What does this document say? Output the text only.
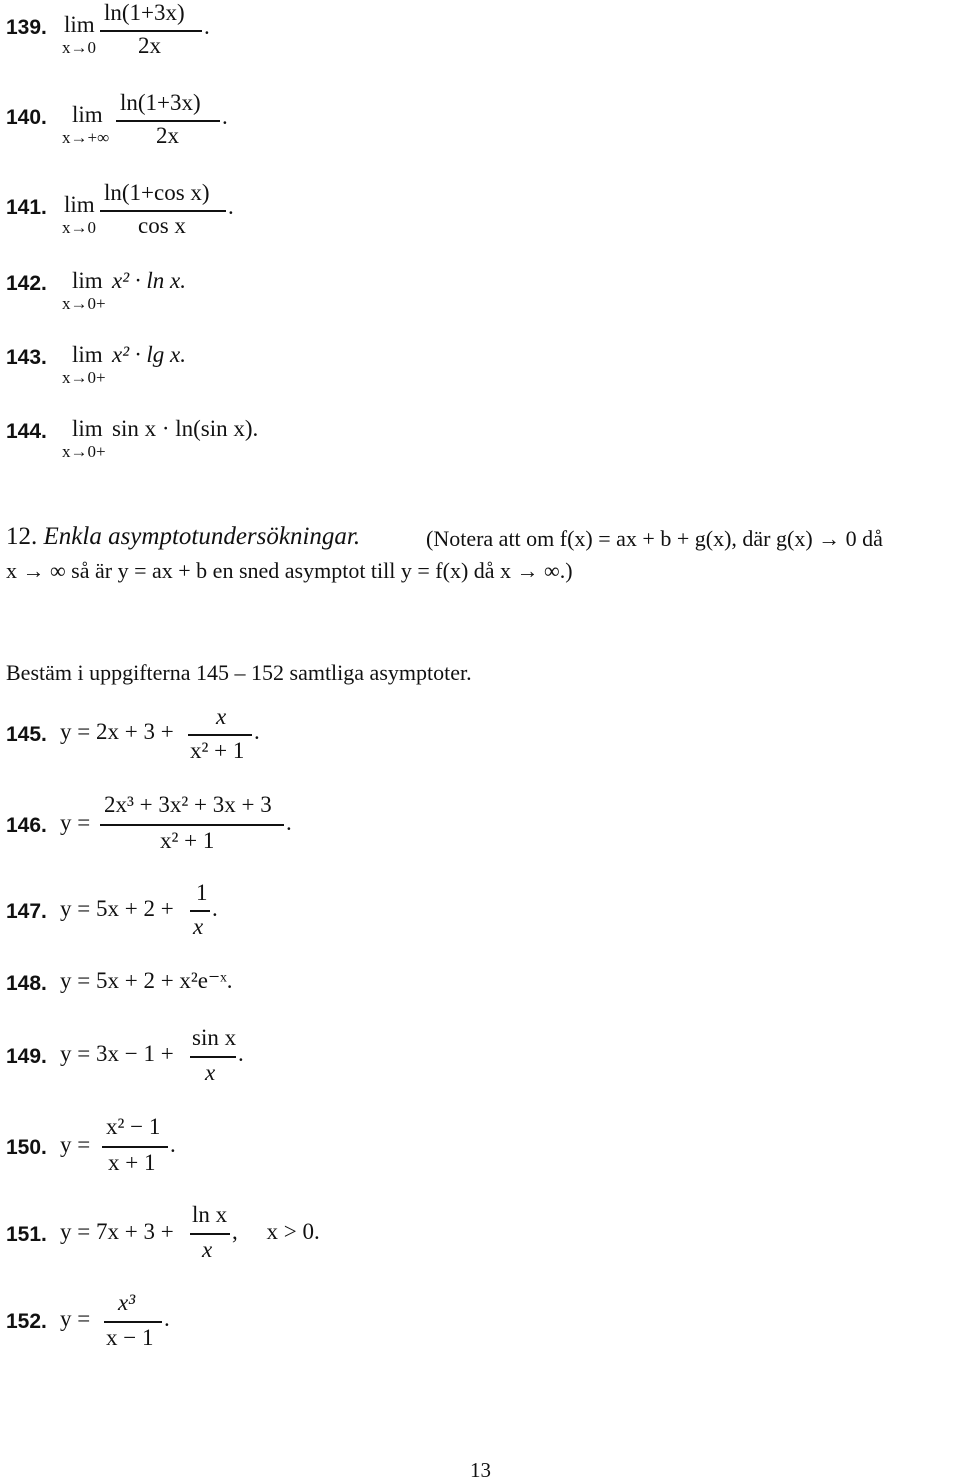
139. lim
x→0
ln(1+3x)
2x
.
140. lim
x→+∞
ln(1+3x)
2x
.
141. lim
x→0
ln(1+cos x)
cos x
.
142. lim
x→0+
x² · ln x.
143. lim
x→0+
x² · lg x.
144. lim
x→0+
sin x · ln(sin x).
12. Enkla asymptotundersökningar.	(Notera att om f(x) = ax + b + g(x), där g(x) → 0 då
x → ∞ så är y = ax + b en sned asymptot till y = f(x) då x → ∞.)
Bestäm i uppgifterna 145 – 152 samtliga asymptoter.
145. y = 2x + 3 +
x
x² + 1
.
146. y =
2x³ + 3x² + 3x + 3
x² + 1
.
147. y = 5x + 2 +
1
x
.
148. y = 5x + 2 + x²e⁻ˣ.
149. y = 3x − 1 +
sin x
x
.
150. y =
x² − 1
x + 1
.
151. y = 7x + 3 +
ln x
x
,     x > 0.
152. y =
x³
x − 1
.
13
